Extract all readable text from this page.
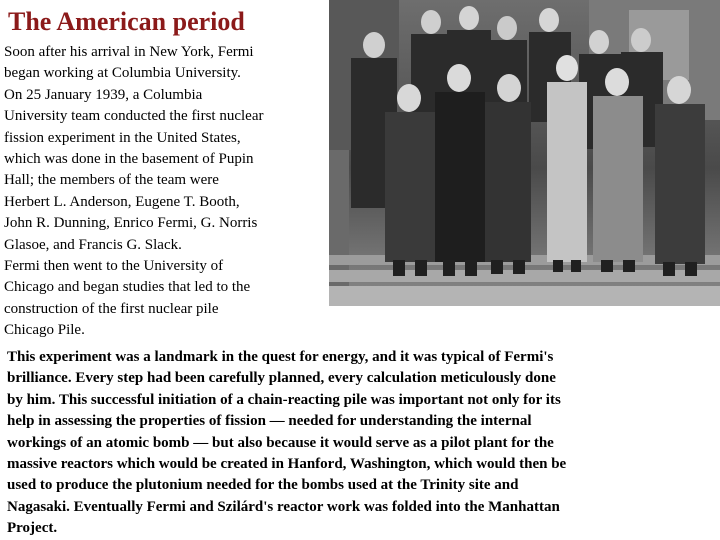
The American period
Soon after his arrival in New York, Fermi
began working at Columbia University.
On 25 January 1939, a Columbia
University team conducted the first nuclear
fission experiment in the United States,
which was done in the basement of Pupin
Hall; the members of the team were
Herbert L. Anderson, Eugene T. Booth,
John R. Dunning, Enrico Fermi, G. Norris
Glasoe, and Francis G. Slack.
Fermi then went to the University of
Chicago and began studies that led to the
construction of the first nuclear pile
Chicago Pile.
This experiment was a landmark in the quest for energy, and it was typical of Fermi's
brilliance. Every step had been carefully planned, every calculation meticulously done
by him. This successful initiation of a chain-reacting pile was important not only for its
help in assessing the properties of fission — needed for understanding the internal
workings of an atomic bomb — but also because it would serve as a pilot plant for the
massive reactors which would be created in Hanford, Washington, which would then be
used to produce the plutonium needed for the bombs used at the Trinity site and
Nagasaki. Eventually Fermi and Szilárd's reactor work was folded into the Manhattan
Project.
